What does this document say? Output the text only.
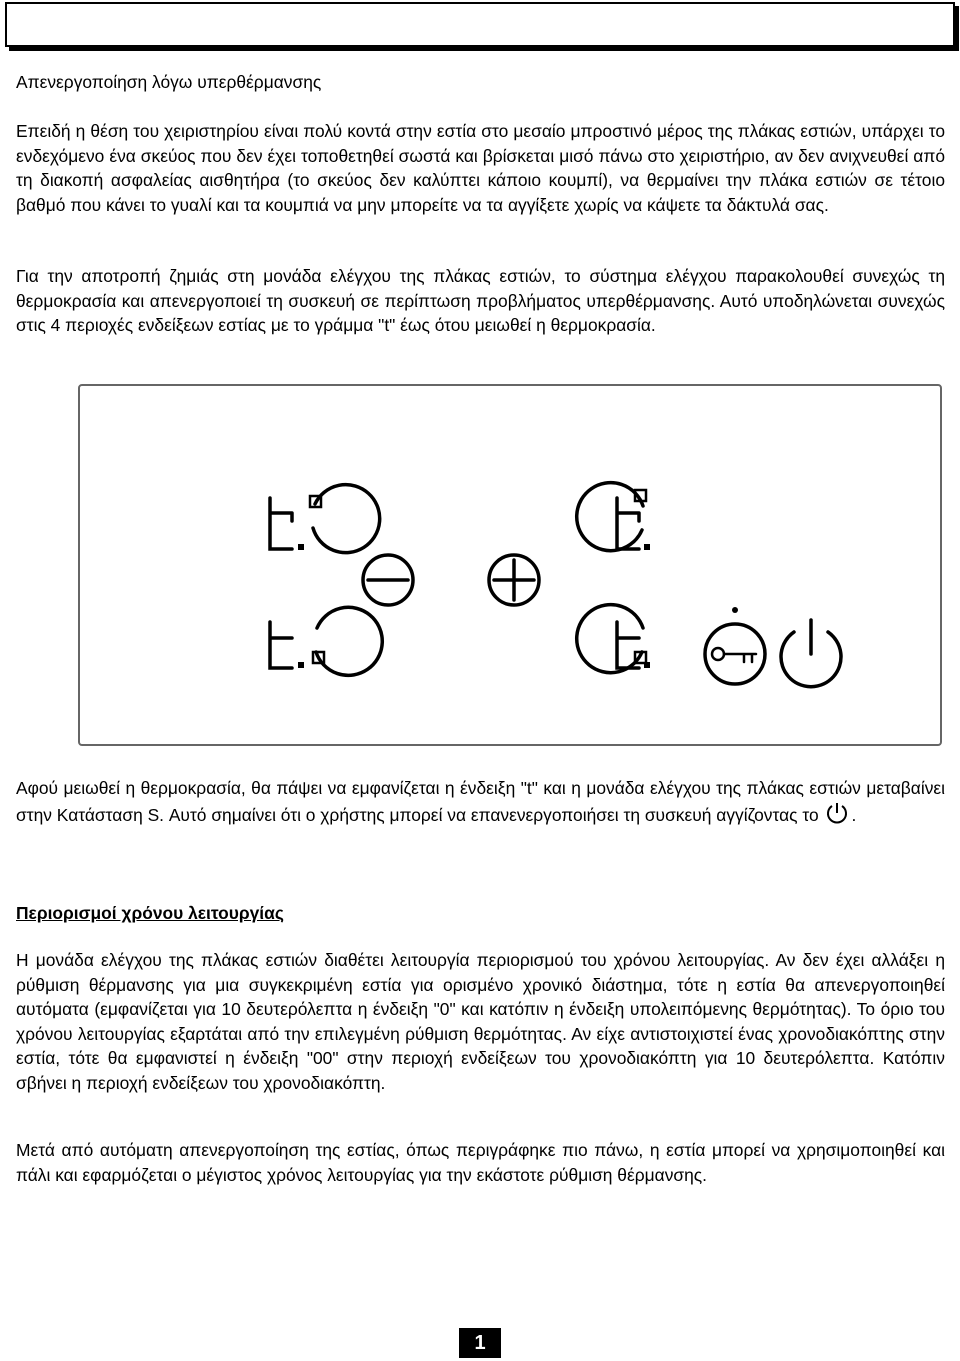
Απενεργοποίηση λόγω υπερθέρμανσης

Επειδή η θέση του χειριστηρίου είναι πολύ κοντά στην εστία στο μεσαίο μπροστινό μέρος της πλάκας εστιών, υπάρχει το ενδεχόμενο ένα σκεύος που δεν έχει τοποθετηθεί σωστά και βρίσκεται μισό πάνω στο χειριστήριο, αν δεν ανιχνευθεί από τη διακοπή ασφαλείας αισθητήρα (το σκεύος δεν καλύπτει κάποιο κουμπί), να θερμαίνει την πλάκα εστιών σε τέτοιο βαθμό που κάνει το γυαλί και τα κουμπιά να μην μπορείτε να τα αγγίξετε χωρίς να κάψετε τα δάκτυλά σας.

Για την αποτροπή ζημιάς στη μονάδα ελέγχου της πλάκας εστιών, το σύστημα ελέγχου παρακολουθεί συνεχώς τη θερμοκρασία και απενεργοποιεί τη συσκευή σε περίπτωση προβλήματος υπερθέρμανσης. Αυτό υποδηλώνεται συνεχώς στις 4 περιοχές ενδείξεων εστίας με το γράμμα "t" έως ότου μειωθεί η θερμοκρασία.

Αφού μειωθεί η θερμοκρασία, θα πάψει να εμφανίζεται η ένδειξη "t" και η μονάδα ελέγχου της πλάκας εστιών μεταβαίνει στην Κατάσταση S. Αυτό σημαίνει ότι ο χρήστης μπορεί να επανενεργοποιήσει τη συσκευή αγγίζοντας το .

Περιορισμοί χρόνου λειτουργίας

Η μονάδα ελέγχου της πλάκας εστιών διαθέτει λειτουργία περιορισμού του χρόνου λειτουργίας. Αν δεν έχει αλλάξει η ρύθμιση θέρμανσης για μια συγκεκριμένη εστία για ορισμένο χρονικό διάστημα, τότε η εστία θα απενεργοποιηθεί αυτόματα (εμφανίζεται για 10 δευτερόλεπτα η ένδειξη "0" και κατόπιν η ένδειξη υπολειπόμενης θερμότητας). Το όριο του χρόνου λειτουργίας εξαρτάται από την επιλεγμένη ρύθμιση θερμότητας. Αν είχε αντιστοιχιστεί ένας χρονοδιακόπτης στην εστία, τότε θα εμφανιστεί η ένδειξη "00" στην περιοχή ενδείξεων του χρονοδιακόπτη για 10 δευτερόλεπτα. Κατόπιν σβήνει η περιοχή ενδείξεων του χρονοδιακόπτη.

Μετά από αυτόματη απενεργοποίηση της εστίας, όπως περιγράφηκε πιο πάνω, η εστία μπορεί να χρησιμοποιηθεί και πάλι και εφαρμόζεται ο μέγιστος χρόνος λειτουργίας για την εκάστοτε ρύθμιση θέρμανσης.

1
